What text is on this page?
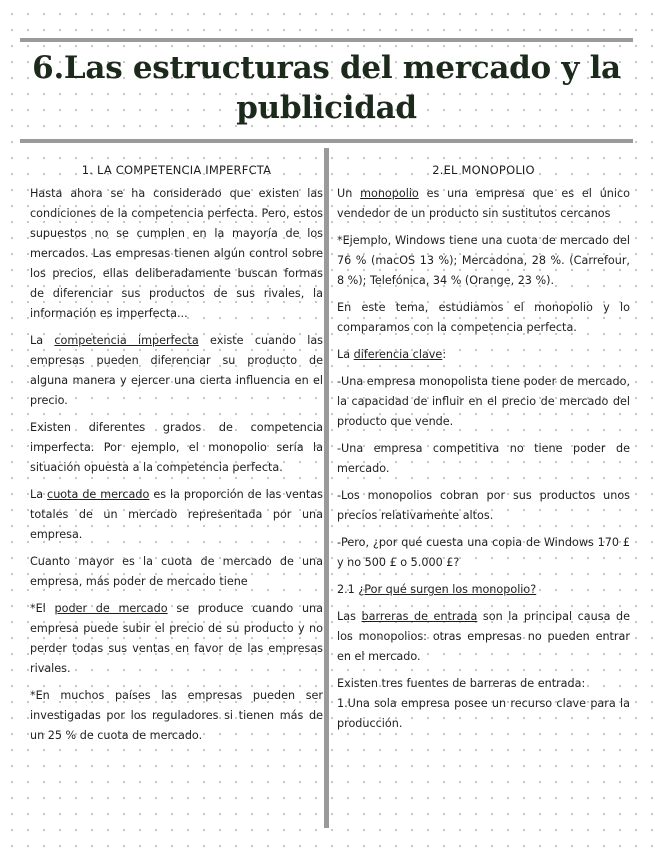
6.Las estructuras del mercado y la
publicidad
1. LA COMPETENCIA IMPERFCTA

Hasta ahora se ha considerado que existen las condiciones de la competencia perfecta. Pero, estos supuestos no se cumplen en la mayoría de los mercados. Las empresas tienen algún control sobre los precios, ellas deliberadamente buscan formas de diferenciar sus productos de sus rivales, la información es imperfecta...

La competencia imperfecta existe cuando las empresas pueden diferenciar su producto de alguna manera y ejercer una cierta influencia en el precio.

Existen diferentes grados de competencia imperfecta. Por ejemplo, el monopolio sería la situación opuesta a la competencia perfecta.

La cuota de mercado es la proporción de las ventas totales de un mercado representada por una empresa.

Cuanto mayor es la cuota de mercado de una empresa, más poder de mercado tiene

*El poder de mercado se produce cuando una empresa puede subir el precio de su producto y no perder todas sus ventas en favor de las empresas rivales.

*En muchos países las empresas pueden ser investigadas por los reguladores si tienen más de un 25 % de cuota de mercado.

2.EL MONOPOLIO

Un monopolio es una empresa que es el único vendedor de un producto sin sustitutos cercanos

*Ejemplo, Windows tiene una cuota de mercado del 76 % (macOS 13 %); Mercadona, 28 %. (Carrefour, 8 %); Telefónica, 34 % (Orange, 23 %).

En este tema, estudiamos el monopolio y lo comparamos con la competencia perfecta.

La diferencia clave:

-Una empresa monopolista tiene poder de mercado, la capacidad de influir en el precio de mercado del producto que vende.

-Una empresa competitiva no tiene poder de mercado.

-Los monopolios cobran por sus productos unos precios relativamente altos.

-Pero, ¿por qué cuesta una copia de Windows 170 £ y no 500 £ o 5.000 £?

2.1 ¿Por qué surgen los monopolio?

Las barreras de entrada son la principal causa de los monopolios: otras empresas no pueden entrar en el mercado.

Existen tres fuentes de barreras de entrada:

1.Una sola empresa posee un recurso clave para la producción.
